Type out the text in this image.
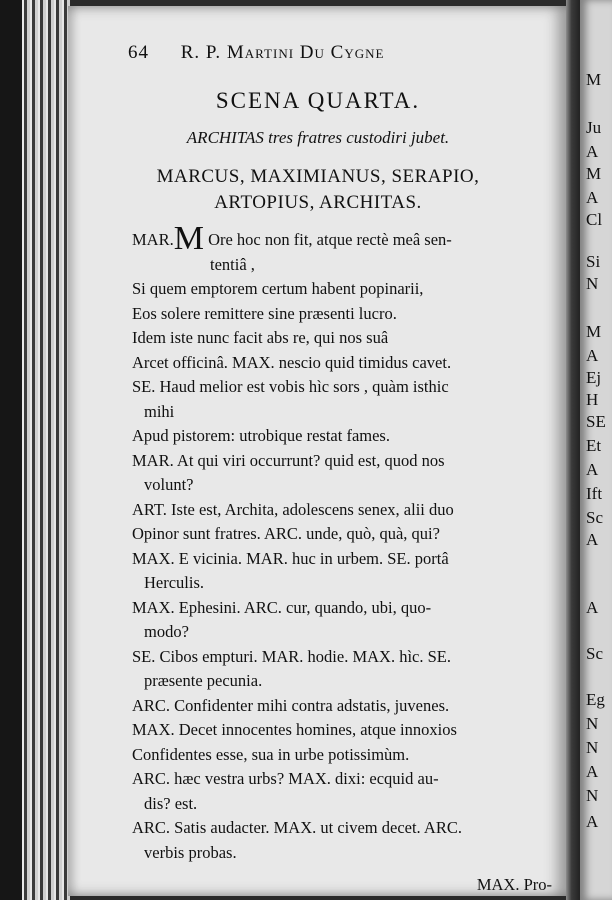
64 R. P. Martini Du Cygne
SCENA QUARTA.
ARCHITAS tres fratres custodiri jubet.
MARCUS, MAXIMIANUS, SERAPIO,
ARTOPIUS, ARCHITAS.
MAR.M Ore hoc non fit, atque rectè meâ sen-
tentiâ ,
Si quem emptorem certum habent popinarii,
Eos solere remittere sine præsenti lucro.
Idem iste nunc facit abs re, qui nos suâ
Arcet officinâ. MAX. nescio quid timidus cavet.
SE. Haud melior est vobis hìc sors , quàm isthic
mihi
Apud pistorem: utrobique restat fames.
MAR. At qui viri occurrunt? quid est, quod nos
volunt?
ART. Iste est, Archita, adolescens senex, alii duo
Opinor sunt fratres. ARC. unde, quò, quà, qui?
MAX. E vicinia. MAR. huc in urbem. SE. portâ
Herculis.
MAX. Ephesini. ARC. cur, quando, ubi, quo-
modo?
SE. Cibos empturi. MAR. hodie. MAX. hìc. SE.
præsente pecunia.
ARC. Confidenter mihi contra adstatis, juvenes.
MAX. Decet innocentes homines, atque innoxios
Confidentes esse, sua in urbe potissimùm.
ARC. hæc vestra urbs? MAX. dixi: ecquid au-
dis? est.
ARC. Satis audacter. MAX. ut civem decet. ARC.
verbis probas.
MAX. Pro-
M
Ju
A
M
A
Cl
Si
N
M
A
Ej
H
SE
Et
A
Ift
Sc
A
A
Sc
Eg
N
N
A
N
A
